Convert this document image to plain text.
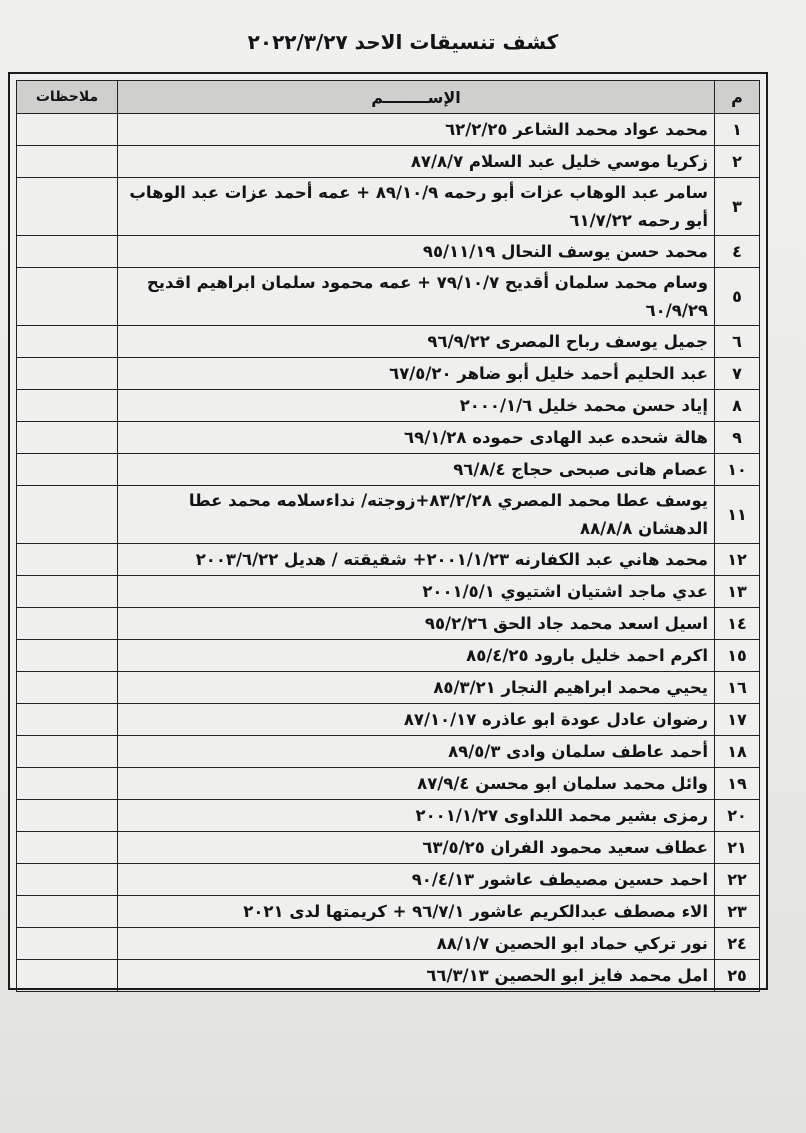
كشف تنسيقات الاحد ٢٠٢٢/٣/٢٧
م	الإســــــــم	ملاحظات
١	محمد عواد محمد الشاعر ٦٢/٢/٢٥	
٢	زكريا موسي خليل عبد السلام ٨٧/٨/٧	
٣	سامر عبد الوهاب عزات أبو رحمه ٨٩/١٠/٩ + عمه أحمد عزات عبد الوهاب أبو رحمه ٦١/٧/٢٢	
٤	محمد حسن يوسف النحال ٩٥/١١/١٩	
٥	وسام محمد سلمان أقديح ٧٩/١٠/٧ + عمه محمود سلمان ابراهيم اقديح ٦٠/٩/٢٩	
٦	جميل يوسف رباح المصرى ٩٦/٩/٢٢	
٧	عبد الحليم أحمد خليل أبو ضاهر ٦٧/٥/٢٠	
٨	إياد حسن محمد خليل ٢٠٠٠/١/٦	
٩	هالة شحده عبد الهادى حموده ٦٩/١/٢٨	
١٠	عصام هانى صبحى حجاج ٩٦/٨/٤	
١١	يوسف عطا محمد المصري ٨٣/٢/٢٨+زوجته/ نداءسلامه محمد عطا الدهشان ٨٨/٨/٨	
١٢	محمد هاني عبد الكفارنه ٢٠٠١/١/٢٣+ شقيقته / هديل ٢٠٠٣/٦/٢٢	
١٣	عدي ماجد اشتيان اشتيوي ٢٠٠١/٥/١	
١٤	اسيل اسعد محمد جاد الحق ٩٥/٢/٢٦	
١٥	اكرم احمد خليل بارود ٨٥/٤/٢٥	
١٦	يحيي محمد ابراهيم النجار ٨٥/٣/٢١	
١٧	رضوان عادل عودة ابو عاذره ٨٧/١٠/١٧	
١٨	أحمد عاطف سلمان وادى ٨٩/٥/٣	
١٩	وائل محمد سلمان ابو محسن ٨٧/٩/٤	
٢٠	رمزى بشير محمد اللداوى ٢٠٠١/١/٢٧	
٢١	عطاف سعيد محمود الفران ٦٣/٥/٢٥	
٢٢	احمد حسين مصيطف عاشور ٩٠/٤/١٣	
٢٣	الاء مصطف عبدالكريم عاشور ٩٦/٧/١ + كريمتها لدى ٢٠٢١	
٢٤	نور تركي حماد ابو الحصين ٨٨/١/٧	
٢٥	امل محمد فايز ابو الحصين ٦٦/٣/١٣	
